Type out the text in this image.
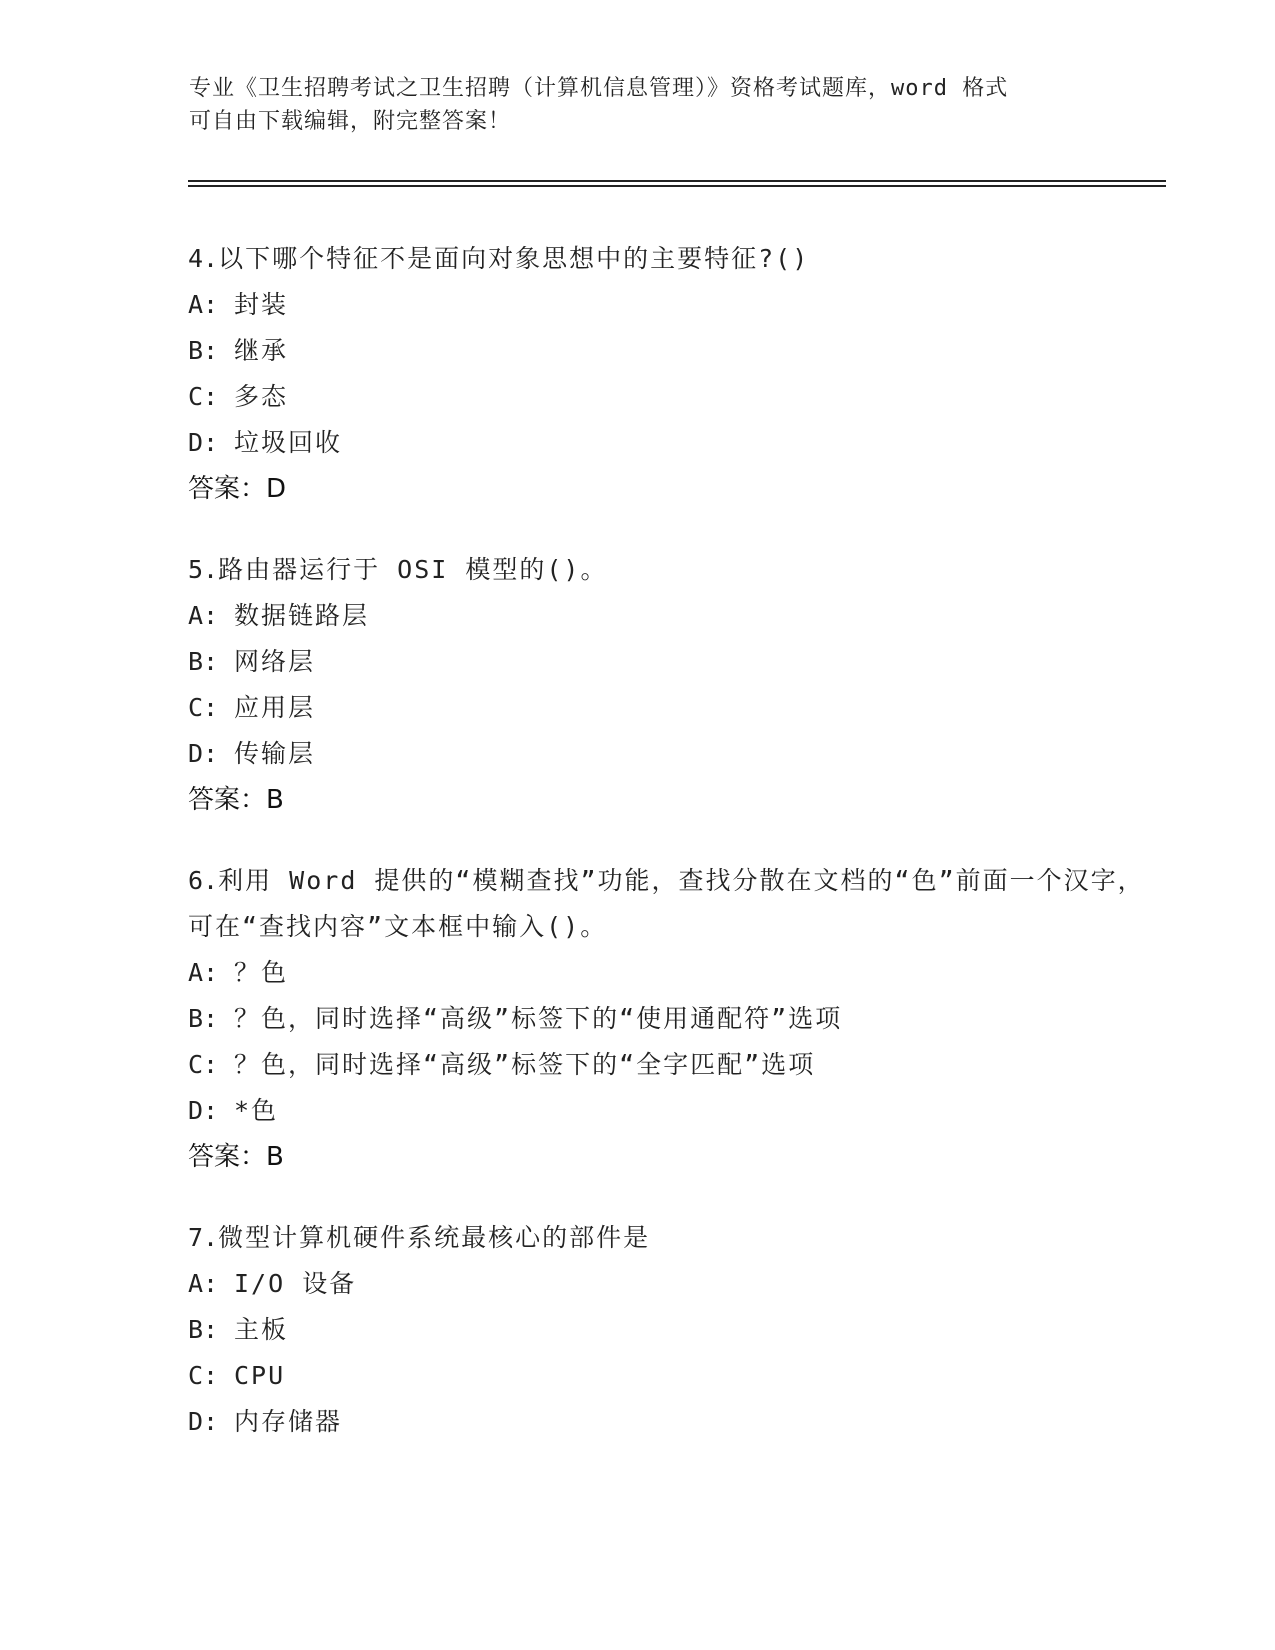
专业《卫生招聘考试之卫生招聘（计算机信息管理）》资格考试题库，word 格式
可自由下载编辑，附完整答案！

4.以下哪个特征不是面向对象思想中的主要特征?()

A: 封装

B: 继承

C: 多态

D: 垃圾回收

答案：D

5.路由器运行于 OSI 模型的()。

A: 数据链路层

B: 网络层

C: 应用层

D: 传输层

答案：B

6.利用 Word 提供的“模糊查找”功能，查找分散在文档的“色”前面一个汉字，可在“查找内容”文本框中输入()。

A: ？色

B: ？色，同时选择“高级”标签下的“使用通配符”选项

C: ？色，同时选择“高级”标签下的“全字匹配”选项

D: *色

答案：B

7.微型计算机硬件系统最核心的部件是

A: I/O 设备

B: 主板

C: CPU

D: 内存储器
